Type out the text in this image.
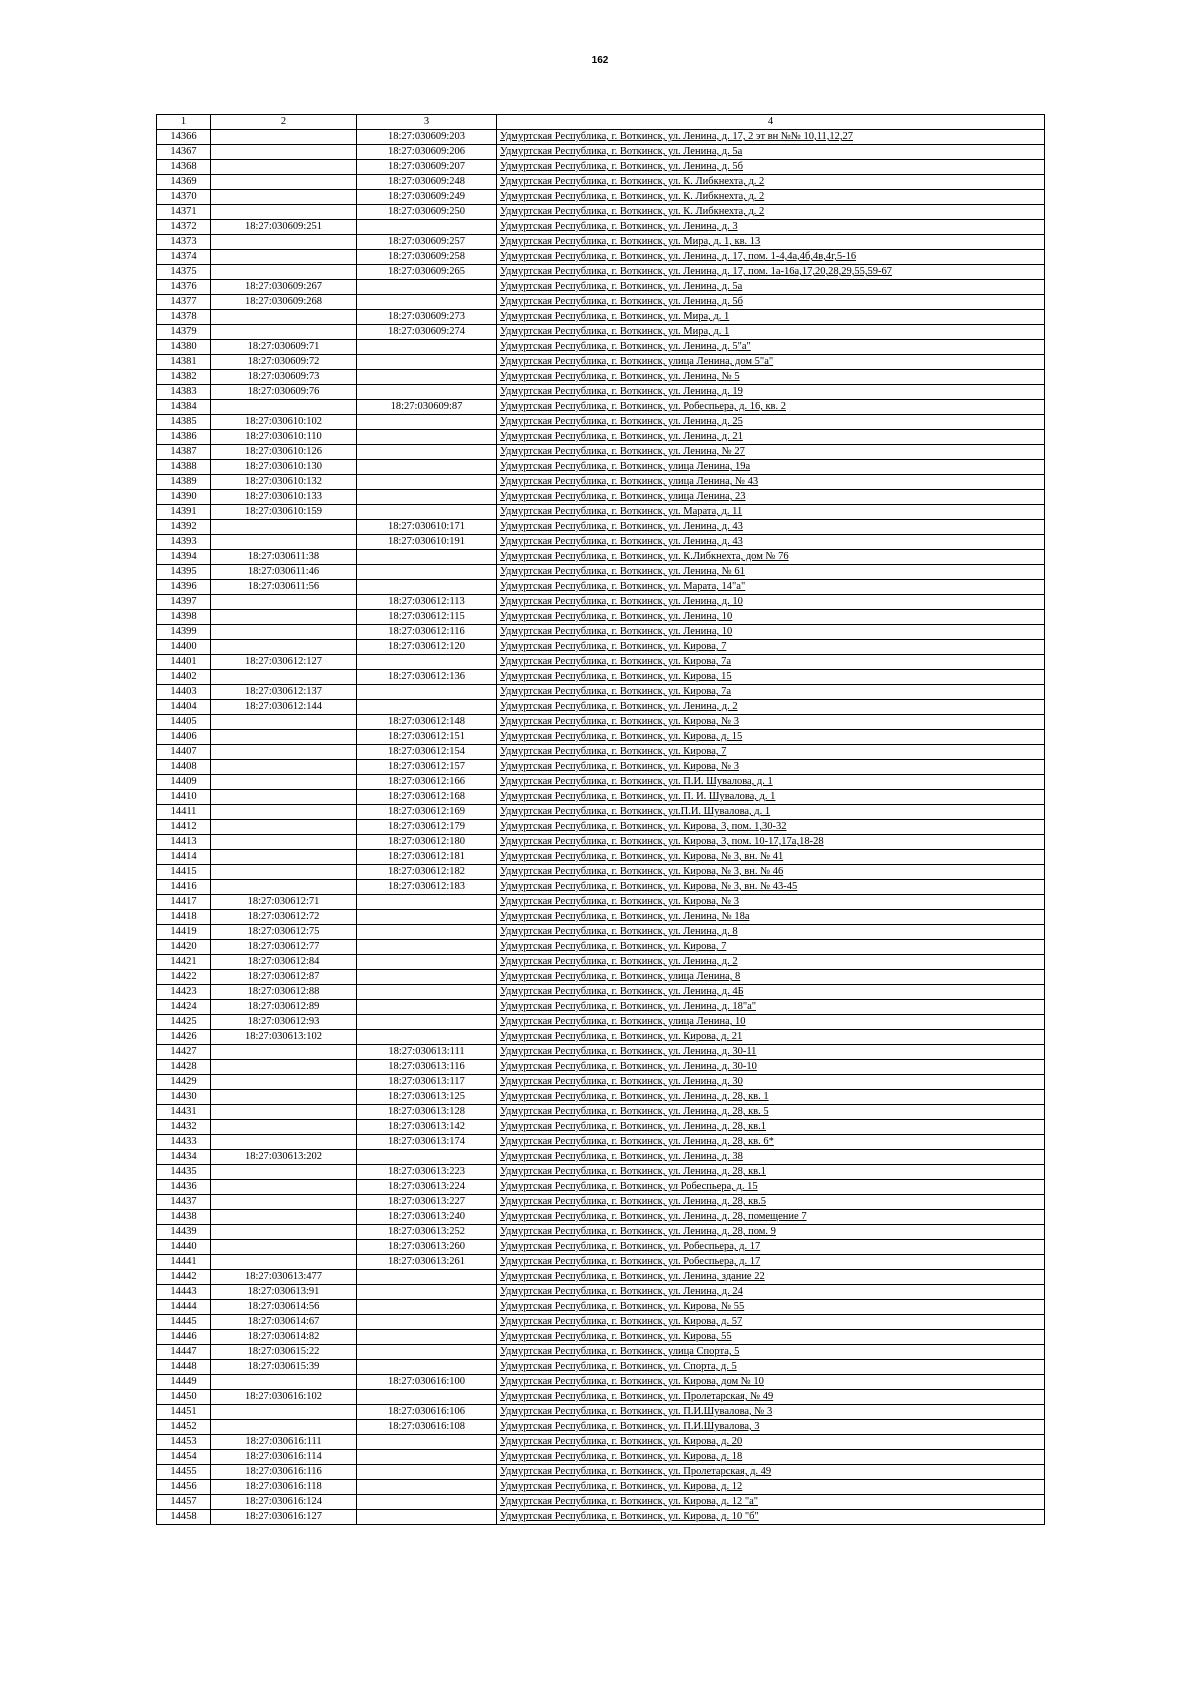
162
1	2	3	4
14366		18:27:030609:203	Удмуртская Республика, г. Воткинск, ул. Ленина, д. 17, 2 эт вн №№ 10,11,12,27
14367		18:27:030609:206	Удмуртская Республика, г. Воткинск, ул. Ленина, д. 5а
14368		18:27:030609:207	Удмуртская Республика, г. Воткинск, ул. Ленина, д. 5б
14369		18:27:030609:248	Удмуртская Республика, г. Воткинск, ул. К. Либкнехта, д. 2
14370		18:27:030609:249	Удмуртская Республика, г. Воткинск, ул. К. Либкнехта, д. 2
14371		18:27:030609:250	Удмуртская Республика, г. Воткинск, ул. К. Либкнехта, д. 2
14372	18:27:030609:251		Удмуртская Республика, г. Воткинск, ул. Ленина, д. 3
14373		18:27:030609:257	Удмуртская Республика, г. Воткинск, ул. Мира, д. 1, кв. 13
14374		18:27:030609:258	Удмуртская Республика, г. Воткинск, ул. Ленина, д. 17, пом. 1-4,4а,4б,4в,4г,5-16
14375		18:27:030609:265	Удмуртская Республика, г. Воткинск, ул. Ленина, д. 17, пом. 1а-16а,17,20,28,29,55,59-67
14376	18:27:030609:267		Удмуртская Республика, г. Воткинск, ул. Ленина, д. 5а
14377	18:27:030609:268		Удмуртская Республика, г. Воткинск, ул. Ленина, д. 5б
14378		18:27:030609:273	Удмуртская Республика, г. Воткинск, ул. Мира, д. 1
14379		18:27:030609:274	Удмуртская Республика, г. Воткинск, ул. Мира, д. 1
14380	18:27:030609:71		Удмуртская Республика, г. Воткинск, ул. Ленина, д. 5"а"
14381	18:27:030609:72		Удмуртская Республика, г. Воткинск, улица Ленина, дом 5"а"
14382	18:27:030609:73		Удмуртская Республика, г. Воткинск, ул. Ленина, № 5
14383	18:27:030609:76		Удмуртская Республика, г. Воткинск, ул. Ленина, д. 19
14384		18:27:030609:87	Удмуртская Республика, г. Воткинск, ул. Робеспьера, д. 16, кв. 2
14385	18:27:030610:102		Удмуртская Республика, г. Воткинск, ул. Ленина, д. 25
14386	18:27:030610:110		Удмуртская Республика, г. Воткинск, ул. Ленина, д. 21
14387	18:27:030610:126		Удмуртская Республика, г. Воткинск, ул. Ленина, № 27
14388	18:27:030610:130		Удмуртская Республика, г. Воткинск, улица Ленина, 19а
14389	18:27:030610:132		Удмуртская Республика, г. Воткинск, улица Ленина, № 43
14390	18:27:030610:133		Удмуртская Республика, г. Воткинск, улица Ленина, 23
14391	18:27:030610:159		Удмуртская Республика, г. Воткинск, ул. Марата, д. 11
14392		18:27:030610:171	Удмуртская Республика, г. Воткинск, ул. Ленина, д. 43
14393		18:27:030610:191	Удмуртская Республика, г. Воткинск, ул. Ленина, д. 43
14394	18:27:030611:38		Удмуртская Республика, г. Воткинск, ул. К.Либкнехта, дом № 76
14395	18:27:030611:46		Удмуртская Республика, г. Воткинск, ул. Ленина, № 61
14396	18:27:030611:56		Удмуртская Республика, г. Воткинск, ул. Марата, 14"а"
14397		18:27:030612:113	Удмуртская Республика, г. Воткинск, ул. Ленина, д. 10
14398		18:27:030612:115	Удмуртская Республика, г. Воткинск, ул. Ленина, 10
14399		18:27:030612:116	Удмуртская Республика, г. Воткинск, ул. Ленина, 10
14400		18:27:030612:120	Удмуртская Республика, г. Воткинск, ул. Кирова, 7
14401	18:27:030612:127		Удмуртская Республика, г. Воткинск, ул. Кирова, 7а
14402		18:27:030612:136	Удмуртская Республика, г. Воткинск, ул. Кирова, 15
14403	18:27:030612:137		Удмуртская Республика, г. Воткинск, ул. Кирова, 7а
14404	18:27:030612:144		Удмуртская Республика, г. Воткинск, ул. Ленина, д. 2
14405		18:27:030612:148	Удмуртская Республика, г. Воткинск, ул. Кирова, № 3
14406		18:27:030612:151	Удмуртская Республика, г. Воткинск, ул. Кирова, д. 15
14407		18:27:030612:154	Удмуртская Республика, г. Воткинск, ул. Кирова, 7
14408		18:27:030612:157	Удмуртская Республика, г. Воткинск, ул. Кирова, № 3
14409		18:27:030612:166	Удмуртская Республика, г. Воткинск, ул. П.И. Шувалова, д. 1
14410		18:27:030612:168	Удмуртская Республика, г. Воткинск, ул. П. И. Шувалова, д. 1
14411		18:27:030612:169	Удмуртская Республика, г. Воткинск, ул.П.И. Шувалова, д. 1
14412		18:27:030612:179	Удмуртская Республика, г. Воткинск, ул. Кирова, 3, пом. 1,30-32
14413		18:27:030612:180	Удмуртская Республика, г. Воткинск, ул. Кирова, 3, пом. 10-17,17а,18-28
14414		18:27:030612:181	Удмуртская Республика, г. Воткинск, ул. Кирова, № 3, вн. № 41
14415		18:27:030612:182	Удмуртская Республика, г. Воткинск, ул. Кирова, № 3, вн. № 46
14416		18:27:030612:183	Удмуртская Республика, г. Воткинск, ул. Кирова, № 3, вн. № 43-45
14417	18:27:030612:71		Удмуртская Республика, г. Воткинск, ул. Кирова, № 3
14418	18:27:030612:72		Удмуртская Республика, г. Воткинск, ул. Ленина, № 18а
14419	18:27:030612:75		Удмуртская Республика, г. Воткинск, ул. Ленина, д. 8
14420	18:27:030612:77		Удмуртская Республика, г. Воткинск, ул. Кирова, 7
14421	18:27:030612:84		Удмуртская Республика, г. Воткинск, ул. Ленина, д. 2
14422	18:27:030612:87		Удмуртская Республика, г. Воткинск, улица Ленина, 8
14423	18:27:030612:88		Удмуртская Республика, г. Воткинск, ул. Ленина, д. 4Б
14424	18:27:030612:89		Удмуртская Республика, г. Воткинск, ул. Ленина, д. 18"а"
14425	18:27:030612:93		Удмуртская Республика, г. Воткинск, улица Ленина, 10
14426	18:27:030613:102		Удмуртская Республика, г. Воткинск, ул. Кирова, д. 21
14427		18:27:030613:111	Удмуртская Республика, г. Воткинск, ул. Ленина, д. 30-11
14428		18:27:030613:116	Удмуртская Республика, г. Воткинск, ул. Ленина, д. 30-10
14429		18:27:030613:117	Удмуртская Республика, г. Воткинск, ул. Ленина, д. 30
14430		18:27:030613:125	Удмуртская Республика, г. Воткинск, ул. Ленина, д. 28, кв. 1
14431		18:27:030613:128	Удмуртская Республика, г. Воткинск, ул. Ленина, д. 28, кв. 5
14432		18:27:030613:142	Удмуртская Республика, г. Воткинск, ул. Ленина, д. 28, кв.1
14433		18:27:030613:174	Удмуртская Республика, г. Воткинск, ул. Ленина, д. 28, кв. 6*
14434	18:27:030613:202		Удмуртская Республика, г. Воткинск, ул. Ленина, д. 38
14435		18:27:030613:223	Удмуртская Республика, г. Воткинск, ул. Ленина, д. 28, кв.1
14436		18:27:030613:224	Удмуртская Республика, г. Воткинск, ул Робеспьера, д. 15
14437		18:27:030613:227	Удмуртская Республика, г. Воткинск, ул. Ленина, д. 28, кв.5
14438		18:27:030613:240	Удмуртская Республика, г. Воткинск, ул. Ленина, д. 28, помещение 7
14439		18:27:030613:252	Удмуртская Республика, г. Воткинск, ул. Ленина, д. 28, пом. 9
14440		18:27:030613:260	Удмуртская Республика, г. Воткинск, ул. Робеспьера, д. 17
14441		18:27:030613:261	Удмуртская Республика, г. Воткинск, ул. Робеспьера, д. 17
14442	18:27:030613:477		Удмуртская Республика, г. Воткинск, ул. Ленина, здание 22
14443	18:27:030613:91		Удмуртская Республика, г. Воткинск, ул. Ленина, д. 24
14444	18:27:030614:56		Удмуртская Республика, г. Воткинск, ул. Кирова, № 55
14445	18:27:030614:67		Удмуртская Республика, г. Воткинск, ул. Кирова, д. 57
14446	18:27:030614:82		Удмуртская Республика, г. Воткинск, ул. Кирова, 55
14447	18:27:030615:22		Удмуртская Республика, г. Воткинск, улица Спорта, 5
14448	18:27:030615:39		Удмуртская Республика, г. Воткинск, ул. Спорта, д. 5
14449		18:27:030616:100	Удмуртская Республика, г. Воткинск, ул. Кирова, дом № 10
14450	18:27:030616:102		Удмуртская Республика, г. Воткинск, ул. Пролетарская, № 49
14451		18:27:030616:106	Удмуртская Республика, г. Воткинск, ул. П.И.Шувалова, № 3
14452		18:27:030616:108	Удмуртская Республика, г. Воткинск, ул. П.И.Шувалова, 3
14453	18:27:030616:111		Удмуртская Республика, г. Воткинск, ул. Кирова, д. 20
14454	18:27:030616:114		Удмуртская Республика, г. Воткинск, ул. Кирова, д. 18
14455	18:27:030616:116		Удмуртская Республика, г. Воткинск, ул. Пролетарская, д. 49
14456	18:27:030616:118		Удмуртская Республика, г. Воткинск, ул. Кирова, д. 12
14457	18:27:030616:124		Удмуртская Республика, г. Воткинск, ул. Кирова, д. 12 "а"
14458	18:27:030616:127		Удмуртская Республика, г. Воткинск, ул. Кирова, д. 10 "б"
